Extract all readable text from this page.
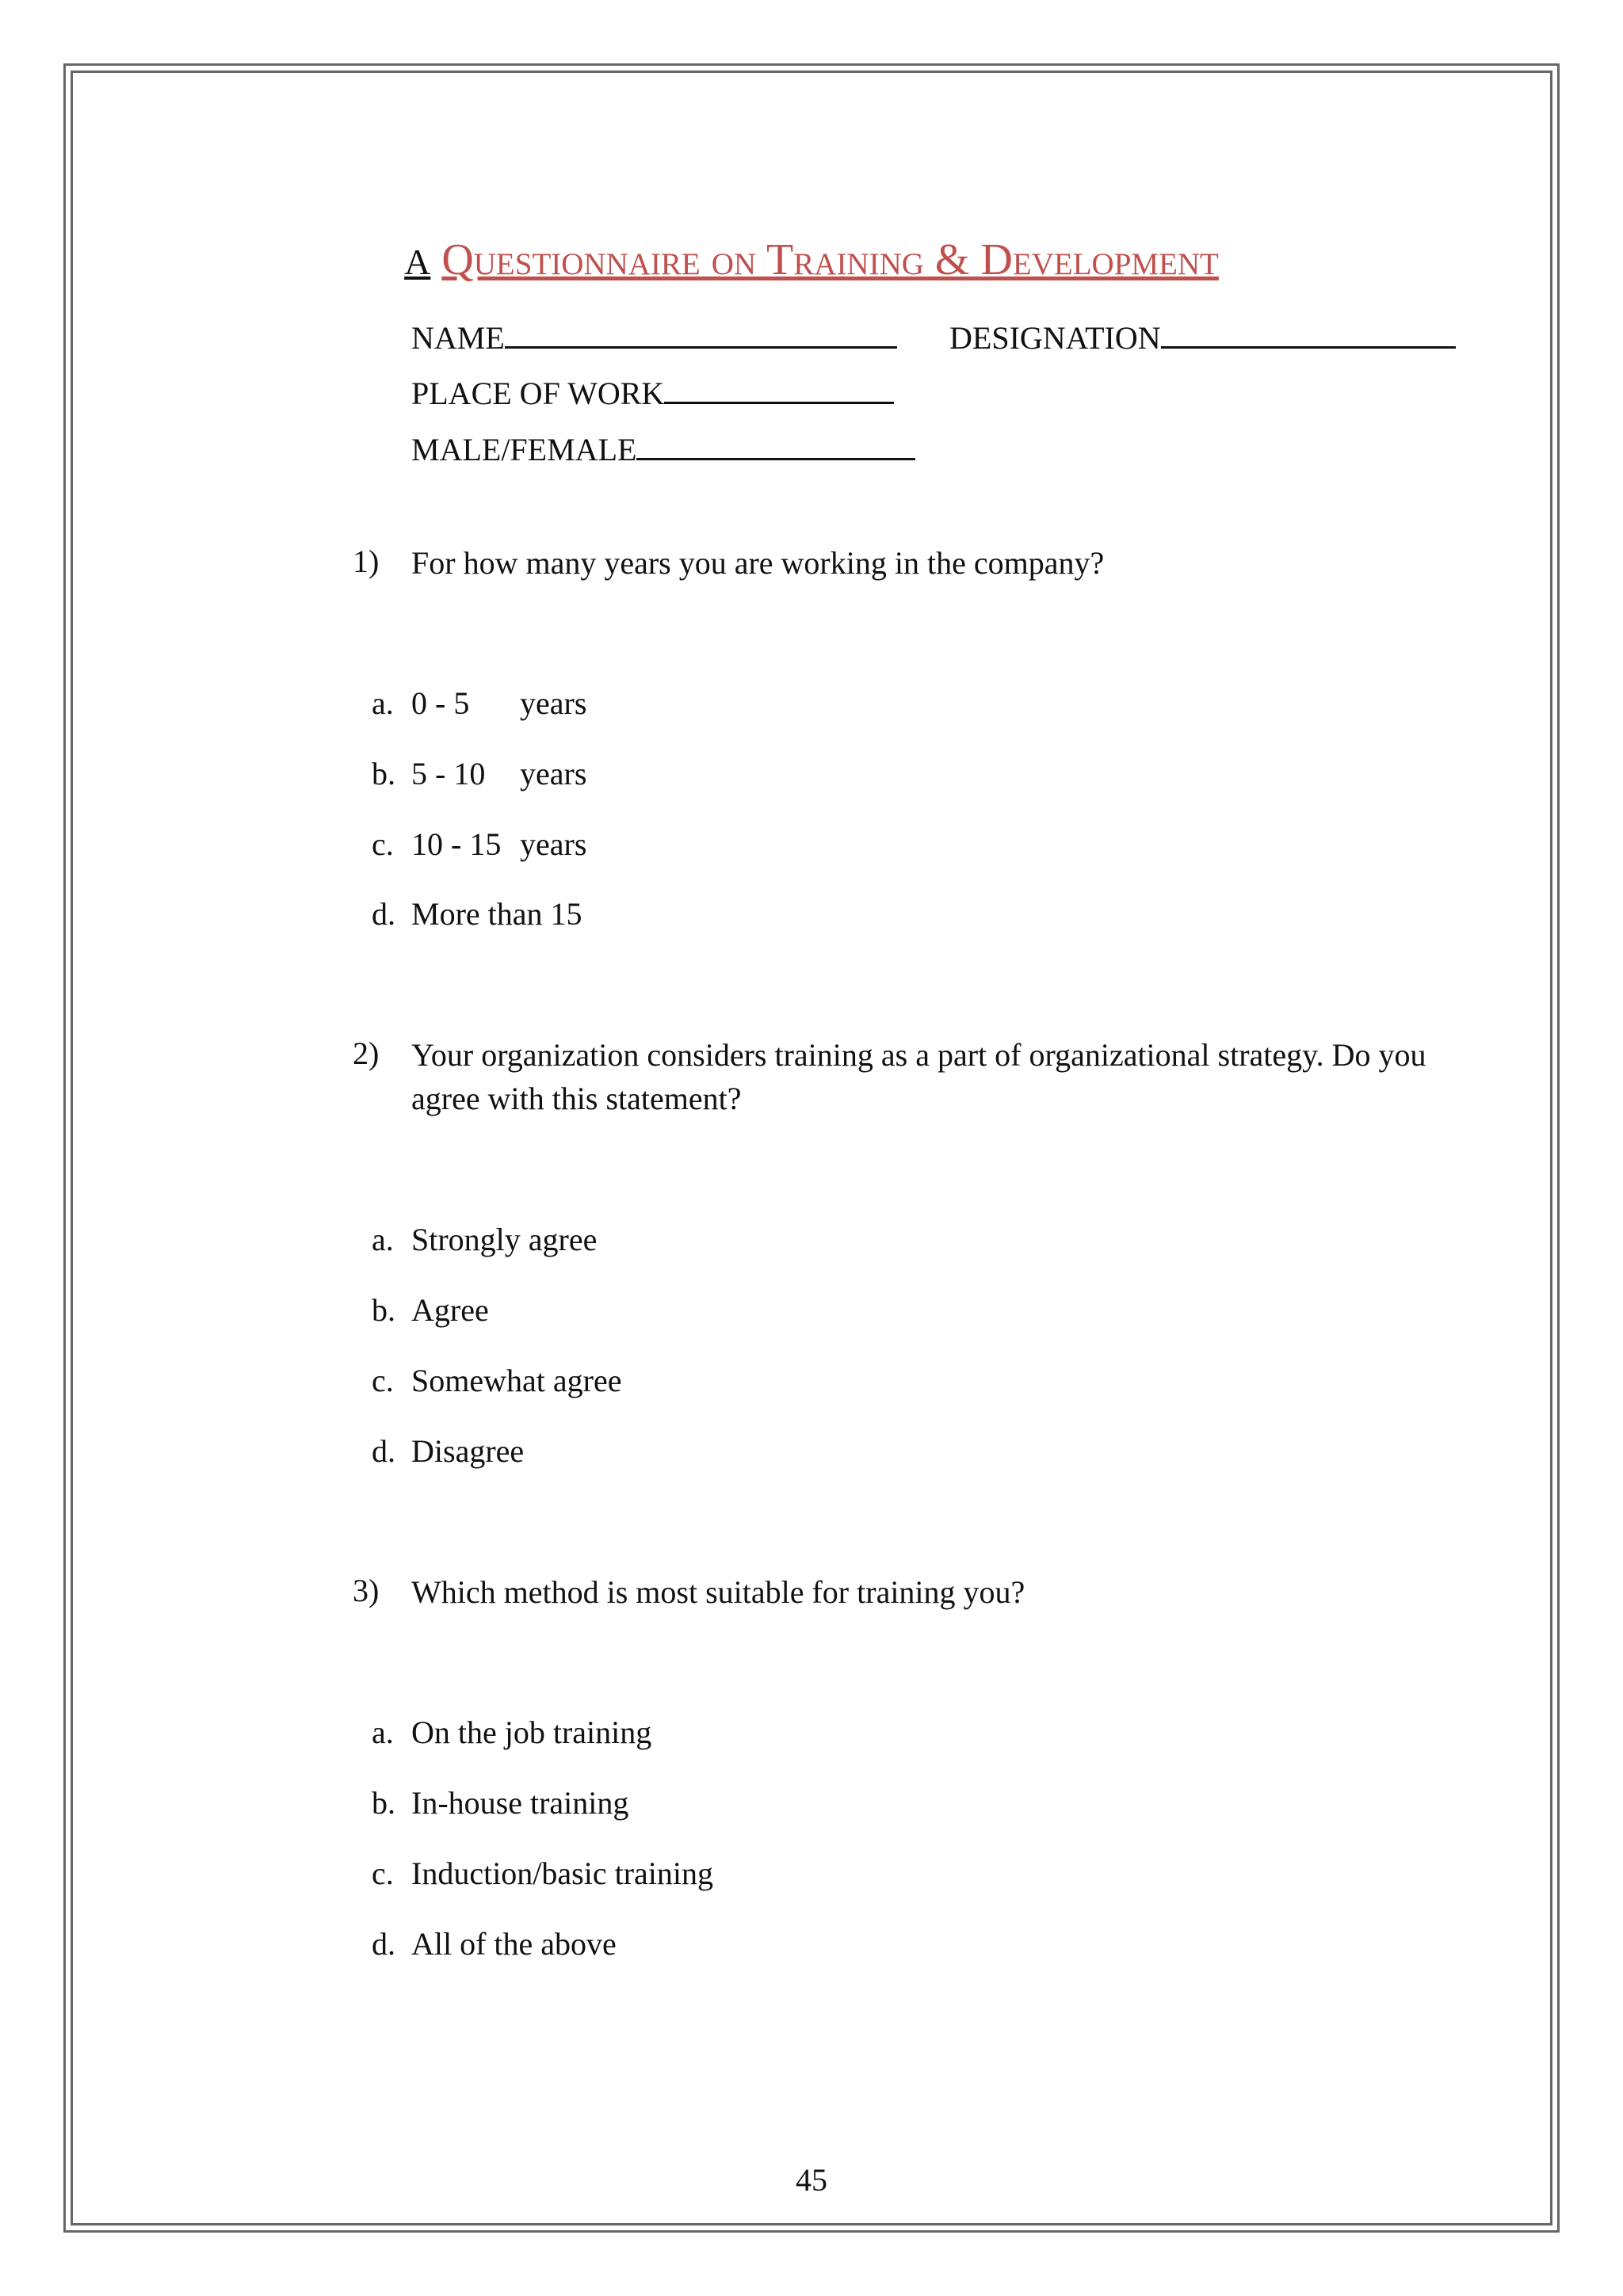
A Questionnaire on Training & Development
NAME	DESIGNATION
PLACE OF WORK
MALE/FEMALE
1) For how many years you are working in the company?
a. 0 - 5 years
b. 5 - 10 years
c. 10 - 15 years
d. More than 15
2) Your organization considers training as a part of organizational strategy. Do you agree with this statement?
a. Strongly agree
b. Agree
c. Somewhat agree
d. Disagree
3) Which method is most suitable for training you?
a. On the job training
b. In-house training
c. Induction/basic training
d. All of the above
45
